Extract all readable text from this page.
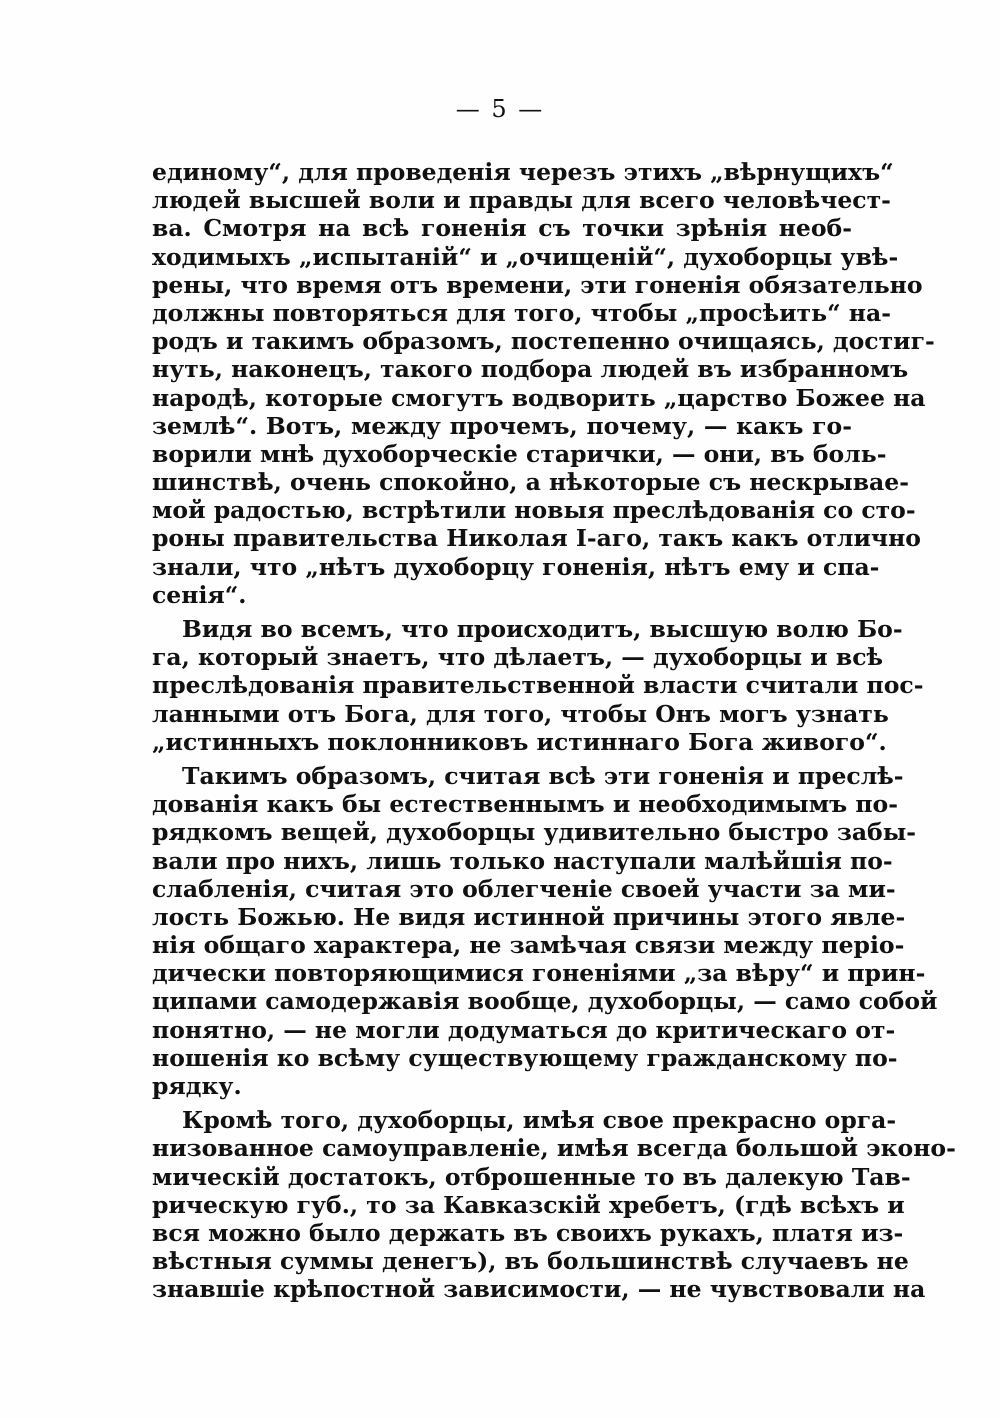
— 5 —
единому“, для проведенія черезъ этихъ „вѣрнущихъ“
людей высшей воли и правды для всего человѣчест-
ва. Смотря на всѣ гоненія съ точки зрѣнія необ-
ходимыхъ „испытаній“ и „очищеній“, духоборцы увѣ-
рены, что время отъ времени, эти гоненія обязательно
должны повторяться для того, чтобы „просѣить“ на-
родъ и такимъ образомъ, постепенно очищаясь, достиг-
нуть, наконецъ, такого подбора людей въ избранномъ
народѣ, которые смогутъ водворить „царство Божее на
землѣ“. Вотъ, между прочемъ, почему, — какъ го-
ворили мнѣ духоборческіе старички, — они, въ боль-
шинствѣ, очень спокойно, а нѣкоторые съ нескрываe-
мой радостью, встрѣтили новыя преслѣдованія со сто-
роны правительства Николая I-аго, такъ какъ отлично
знали, что „нѣтъ духоборцу гоненія, нѣтъ ему и спа-
сенія“.
Видя во всемъ, что происходитъ, высшую волю Бо-
га, который знаетъ, что дѣлаетъ, — духоборцы и всѣ
преслѣдованія правительственной власти считали пос-
ланными отъ Бога, для того, чтобы Онъ могъ узнать
„истинныхъ поклонниковъ истиннаго Бога живого“.
Такимъ образомъ, считая всѣ эти гоненія и преслѣ-
дованія какъ бы естественнымъ и необходимымъ по-
рядкомъ вещей, духоборцы удивительно быстро забы-
вали про нихъ, лишь только наступали малѣйшія по-
слабленія, считая это облегченіе своей участи за ми-
лость Божью. Не видя истинной причины этого явле-
нія общаго характера, не замѣчая связи между періо-
дически повторяющимися гоненіями „за вѣру“ и прин-
ципами самодержавія вообще, духоборцы, — само собой
понятно, — не могли додуматься до критическаго от-
ношенія ко всѣму существующему гражданскому по-
рядку.
Кромѣ того, духоборцы, имѣя свое прекрасно орга-
низованное самоуправленіе, имѣя всегда большой эконо-
мическій достатокъ, отброшенные то въ далекую Тав-
рическую губ., то за Кавказскій хребетъ, (гдѣ всѣхъ и
вся можно было держать въ своихъ рукахъ, платя из-
вѣстныя суммы денегъ), въ большинствѣ случаевъ не
знавшіе крѣпостной зависимости, — не чувствовали на
